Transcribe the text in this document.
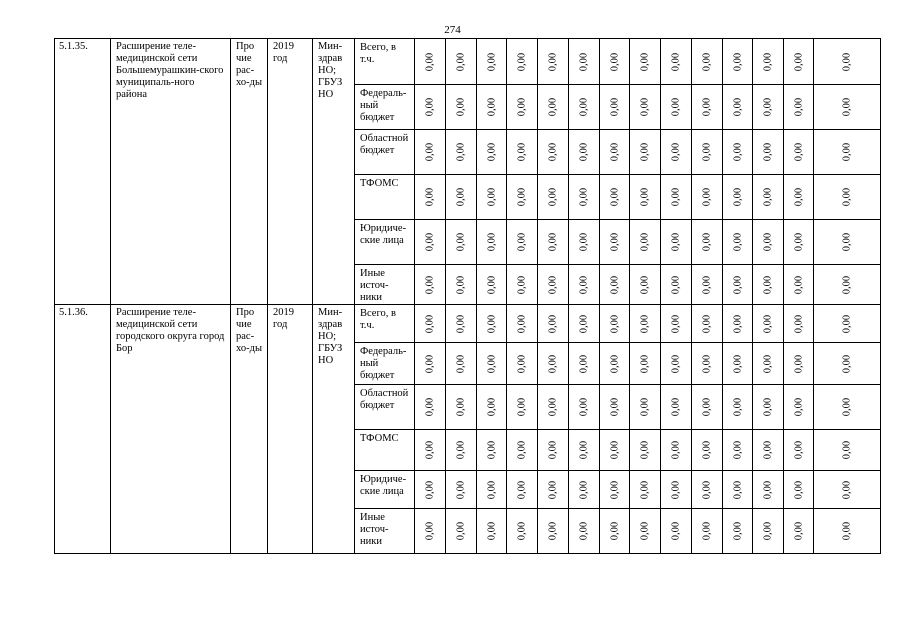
274
5.1.35.	Расширение теле-медицинской сети Большемурашкин-ского муниципаль-ного района	Про чие рас-хо-ды	2019 год	Мин-здрав НО; ГБУЗ НО	Всего, в т.ч.	0,00	0,00	0,00	0,00	0,00	0,00	0,00	0,00	0,00	0,00	0,00	0,00	0,00	0,00

					Федераль-ный бюджет	0,00	0,00	0,00	0,00	0,00	0,00	0,00	0,00	0,00	0,00	0,00	0,00	0,00	0,00

					Областной бюджет	0,00	0,00	0,00	0,00	0,00	0,00	0,00	0,00	0,00	0,00	0,00	0,00	0,00	0,00

					ТФОМС	0,00	0,00	0,00	0,00	0,00	0,00	0,00	0,00	0,00	0,00	0,00	0,00	0,00	0,00

					Юридиче-ские лица	0,00	0,00	0,00	0,00	0,00	0,00	0,00	0,00	0,00	0,00	0,00	0,00	0,00	0,00

					Иные источ-ники	0,00	0,00	0,00	0,00	0,00	0,00	0,00	0,00	0,00	0,00	0,00	0,00	0,00	0,00

5.1.36.	Расширение теле-медицинской сети городского округа город Бор	Про чие рас-хо-ды	2019 год	Мин-здрав НО; ГБУЗ НО	Всего, в т.ч.	0,00	0,00	0,00	0,00	0,00	0,00	0,00	0,00	0,00	0,00	0,00	0,00	0,00	0,00

					Федераль-ный бюджет	0,00	0,00	0,00	0,00	0,00	0,00	0,00	0,00	0,00	0,00	0,00	0,00	0,00	0,00

					Областной бюджет	0,00	0,00	0,00	0,00	0,00	0,00	0,00	0,00	0,00	0,00	0,00	0,00	0,00	0,00

					ТФОМС	0,00	0,00	0,00	0,00	0,00	0,00	0,00	0,00	0,00	0,00	0,00	0,00	0,00	0,00

					Юридиче-ские лица	0,00	0,00	0,00	0,00	0,00	0,00	0,00	0,00	0,00	0,00	0,00	0,00	0,00	0,00

					Иные источ-ники	0,00	0,00	0,00	0,00	0,00	0,00	0,00	0,00	0,00	0,00	0,00	0,00	0,00	0,00
